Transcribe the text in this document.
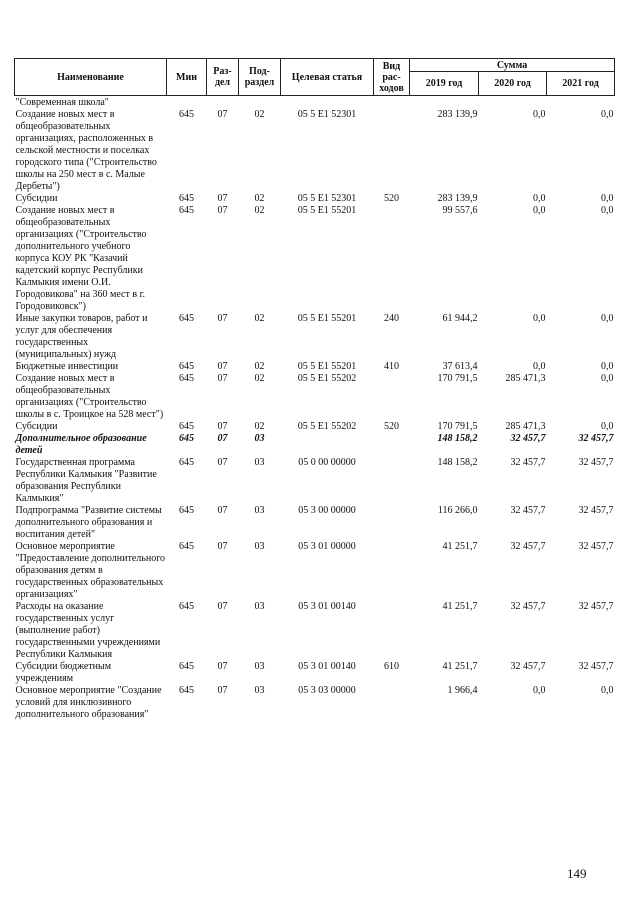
Наименование	Мин	Раз-дел	Под-раздел	Целевая статья	Вид рас-ходов	Сумма		
						2019 год	2020 год	2021 год
"Современная школа"								
Создание новых мест в общеобразовательных организациях, расположенных в сельской местности и поселках городского типа ("Строительство школы на 250 мест в с. Малые Дербеты")	645	07	02	05 5 E1 52301		283 139,9	0,0	0,0
Субсидии	645	07	02	05 5 E1 52301	520	283 139,9	0,0	0,0
Создание новых мест в общеобразовательных организациях ("Строительство дополнительного учебного корпуса КОУ РК "Казачий кадетский корпус Республики Калмыкия имени О.И. Городовикова" на 360 мест в г. Городовиковск")	645	07	02	05 5 E1 55201		99 557,6	0,0	0,0
Иные закупки товаров, работ и услуг для обеспечения государственных (муниципальных) нужд	645	07	02	05 5 E1 55201	240	61 944,2	0,0	0,0
Бюджетные инвестиции	645	07	02	05 5 E1 55201	410	37 613,4	0,0	0,0
Создание новых мест в общеобразовательных организациях ("Строительство школы в с. Троицкое на 528 мест")	645	07	02	05 5 E1 55202		170 791,5	285 471,3	0,0
Субсидии	645	07	02	05 5 E1 55202	520	170 791,5	285 471,3	0,0
Дополнительное образование детей	645	07	03			148 158,2	32 457,7	32 457,7
Государственная программа Республики Калмыкия "Развитие образования Республики Калмыкия"	645	07	03	05 0 00 00000		148 158,2	32 457,7	32 457,7
Подпрограмма "Развитие системы дополнительного образования и воспитания детей"	645	07	03	05 3 00 00000		116 266,0	32 457,7	32 457,7
Основное мероприятие "Предоставление дополнительного образования детям в государственных образовательных организациях"	645	07	03	05 3 01 00000		41 251,7	32 457,7	32 457,7
Расходы на оказание государственных услуг (выполнение работ) государственными учреждениями Республики Калмыкия	645	07	03	05 3 01 00140		41 251,7	32 457,7	32 457,7
Субсидии бюджетным учреждениям	645	07	03	05 3 01 00140	610	41 251,7	32 457,7	32 457,7
Основное мероприятие "Создание условий для инклюзивного дополнительного образования"	645	07	03	05 3 03 00000		1 966,4	0,0	0,0
149
